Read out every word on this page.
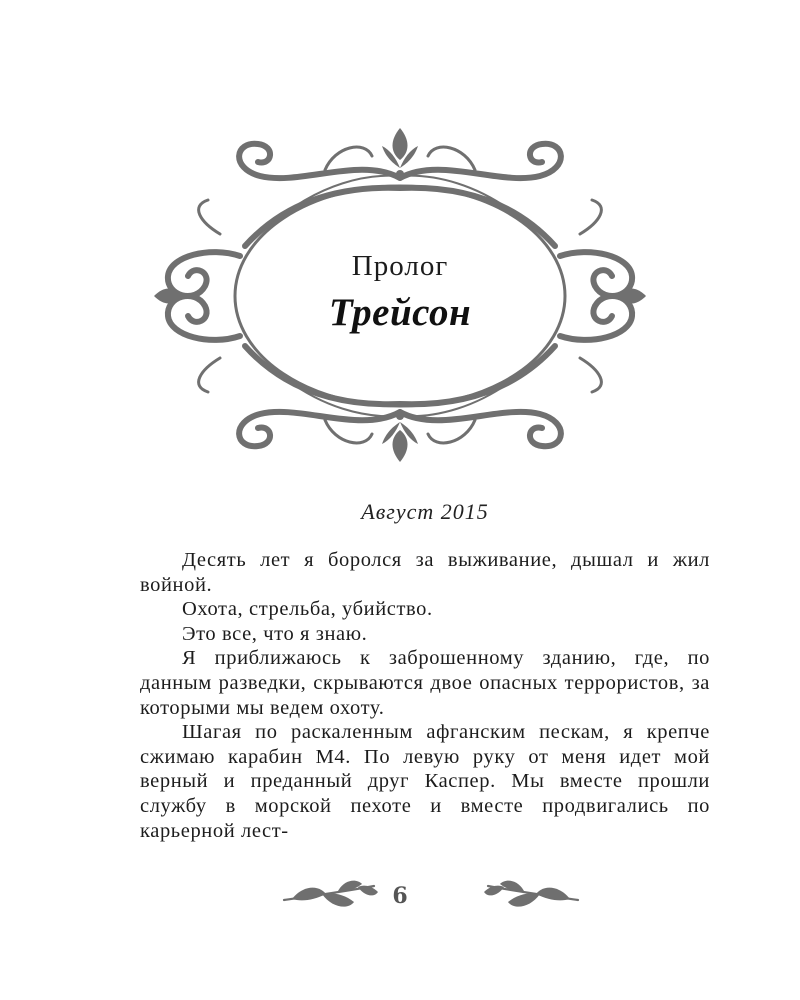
Пролог
Трейсон
Август 2015

Десять лет я боролся за выживание, дышал и жил войной.

Охота, стрельба, убийство.

Это все, что я знаю.

Я приближаюсь к заброшенному зданию, где, по данным разведки, скрываются двое опасных террористов, за которыми мы ведем охоту.

Шагая по раскаленным афганским пескам, я крепче сжимаю карабин М4. По левую руку от меня идет мой верный и преданный друг Каспер. Мы вместе прошли службу в морской пехоте и вместе продвигались по карьерной лест-

6
